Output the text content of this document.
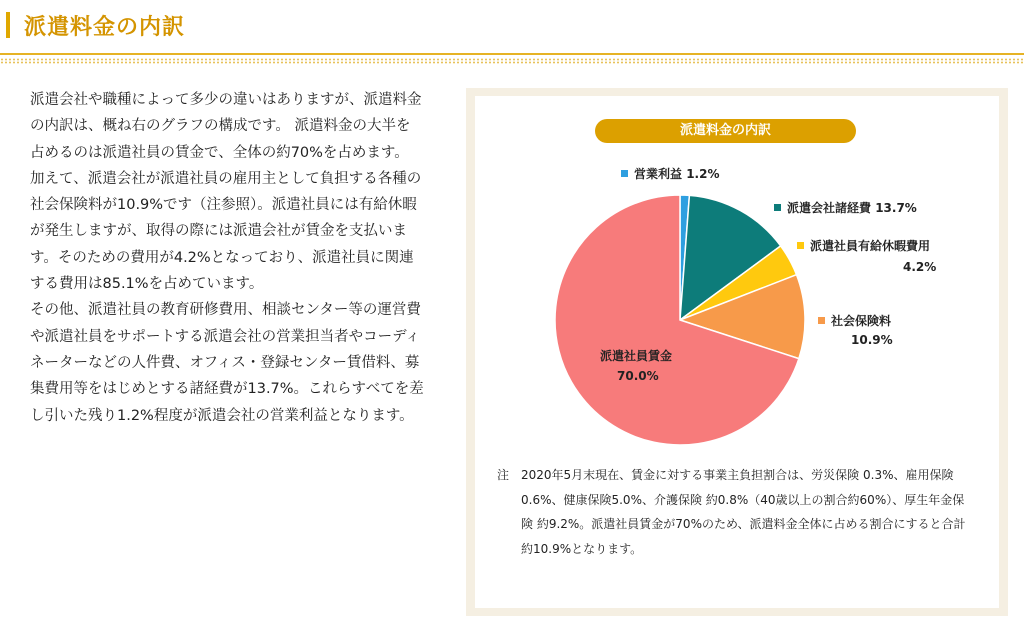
派遣料金の内訳

派遣会社や職種によって多少の違いはありますが、派遣料金の内訳は、概ね右のグラフの構成です。 派遣料金の大半を占めるのは派遣社員の賃金で、全体の約70%を占めます。

加えて、派遣会社が派遣社員の雇用主として負担する各種の社会保険料が10.9%です（注参照）。派遣社員には有給休暇が発生しますが、取得の際には派遣会社が賃金を支払います。そのための費用が4.2%となっており、派遣社員に関連する費用は85.1%を占めています。

その他、派遣社員の教育研修費用、相談センター等の運営費や派遣社員をサポートする派遣会社の営業担当者やコーディネーターなどの人件費、オフィス・登録センター賃借料、募集費用等をはじめとする諸経費が13.7%。これらすべてを差し引いた残り1.2%程度が派遣会社の営業利益となります。

派遣料金の内訳
営業利益 1.2%
派遣会社諸経費 13.7%
派遣社員有給休暇費用
4.2%
社会保険料
10.9%
派遣社員賃金
70.0%
注 2020年5月末現在、賃金に対する事業主負担割合は、労災保険 0.3%、雇用保険0.6%、健康保険5.0%、介護保険 約0.8%（40歳以上の割合約60%）、厚生年金保険 約9.2%。派遣社員賃金が70%のため、派遣料金全体に占める割合にすると合計約10.9%となります。
